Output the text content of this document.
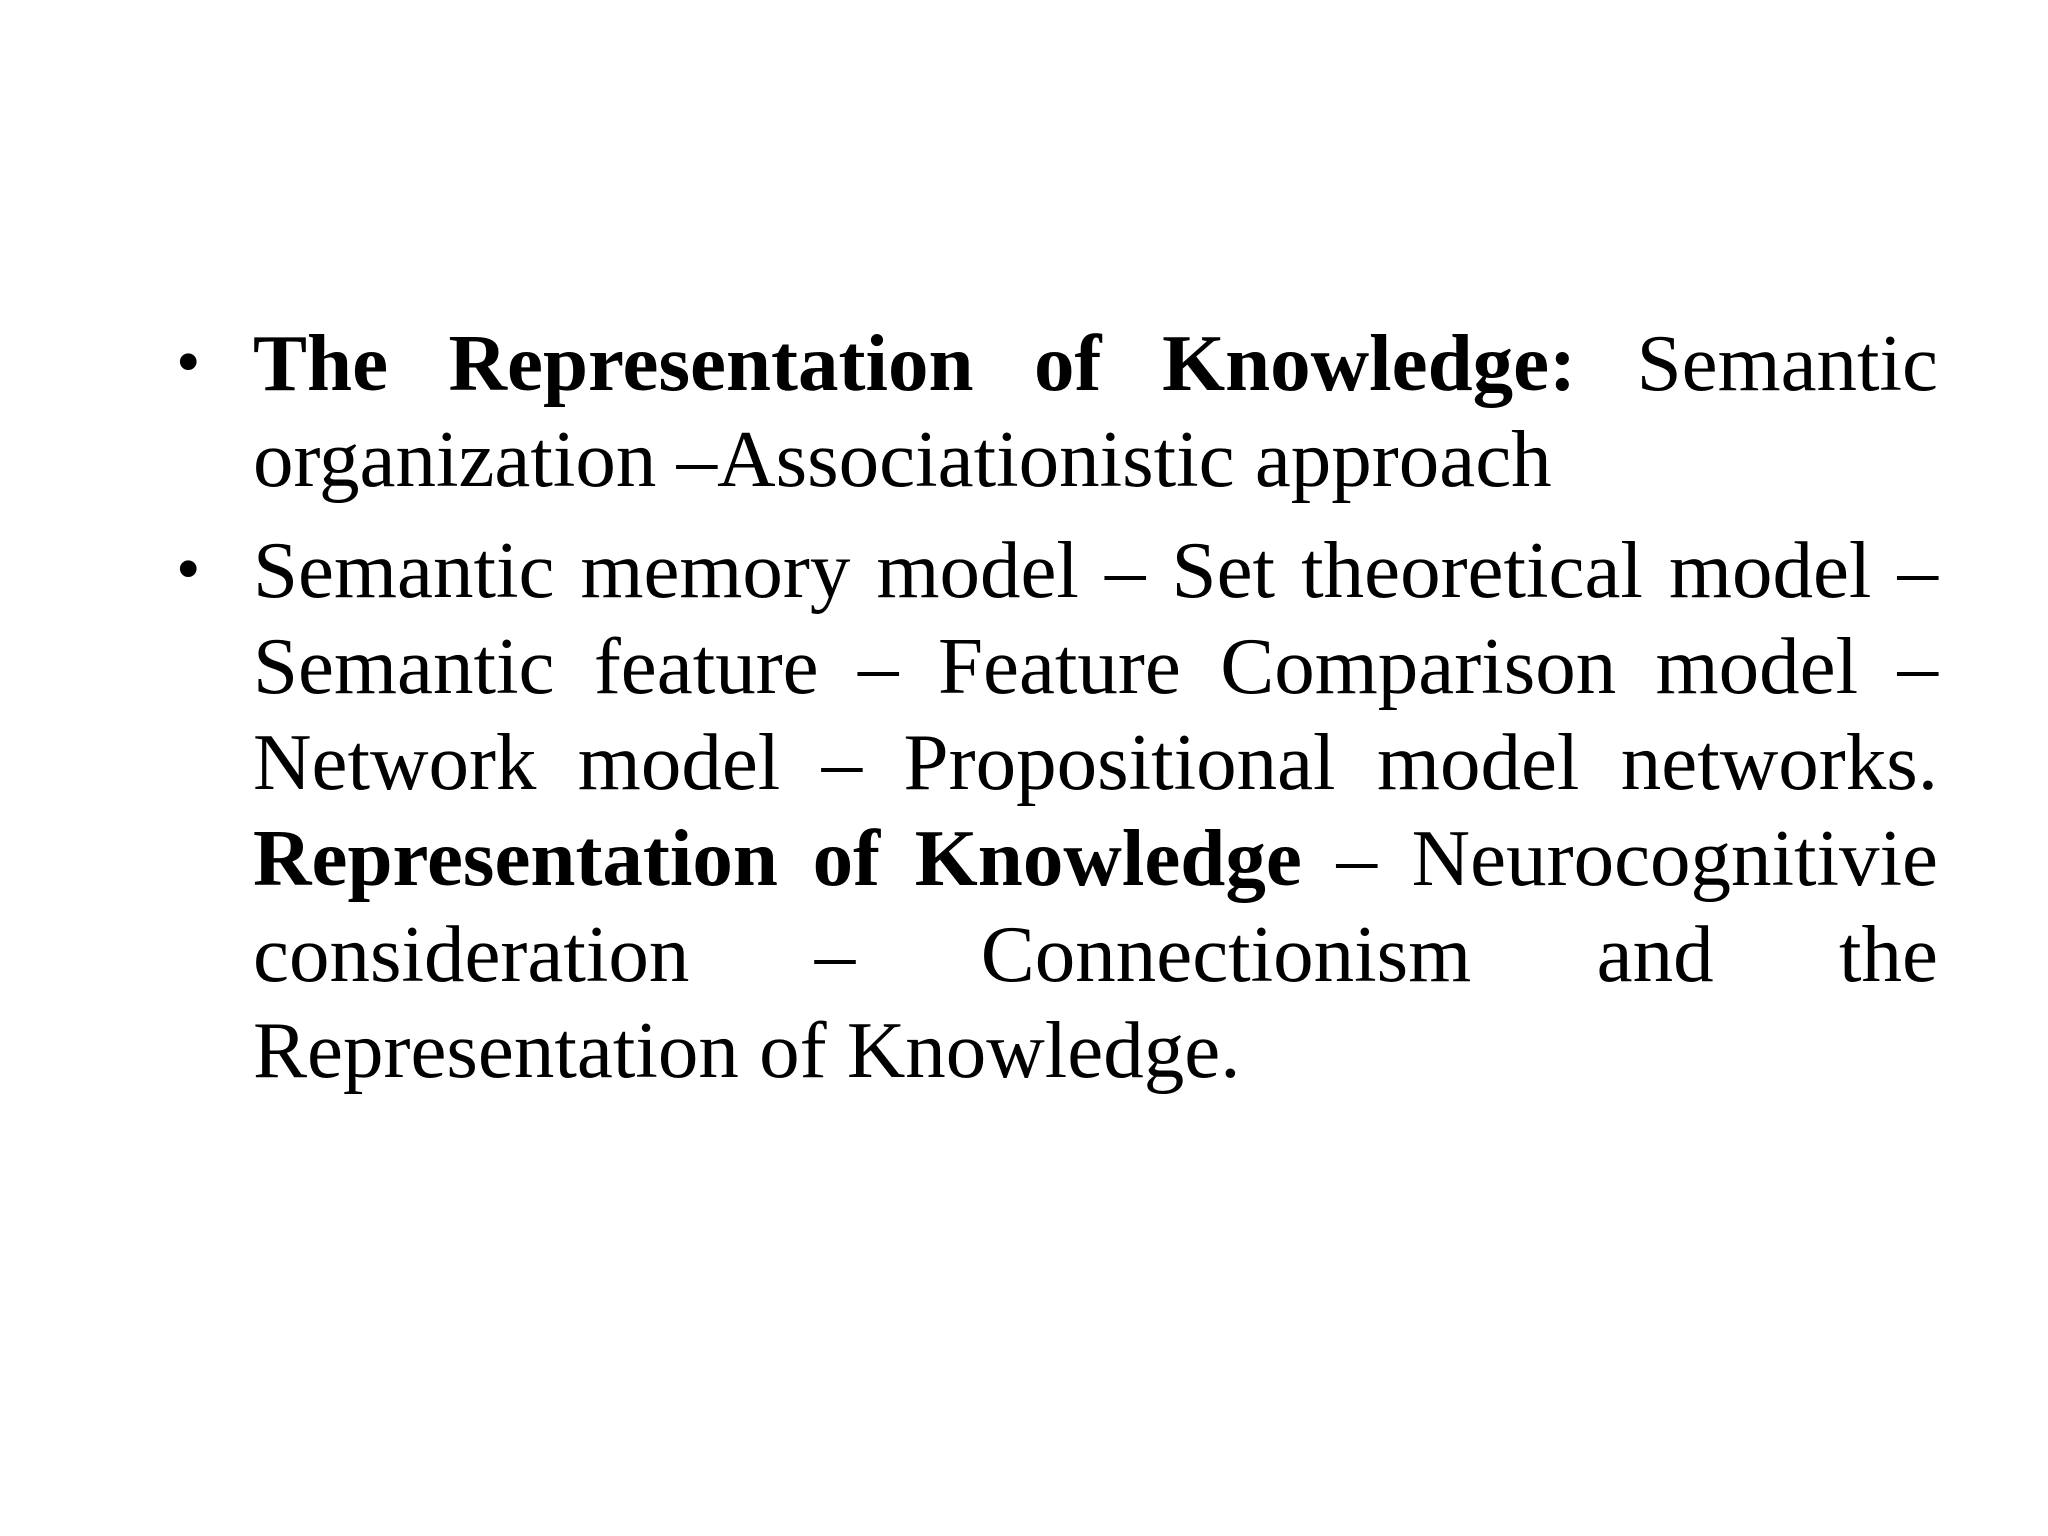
• The Representation of Knowledge: Semantic organization –Associationistic approach
• Semantic memory model – Set theoretical model – Semantic feature – Feature Comparison model – Network model – Propositional model networks. Representation of Knowledge – Neurocognitivie consideration – Connectionism and the Representation of Knowledge.
